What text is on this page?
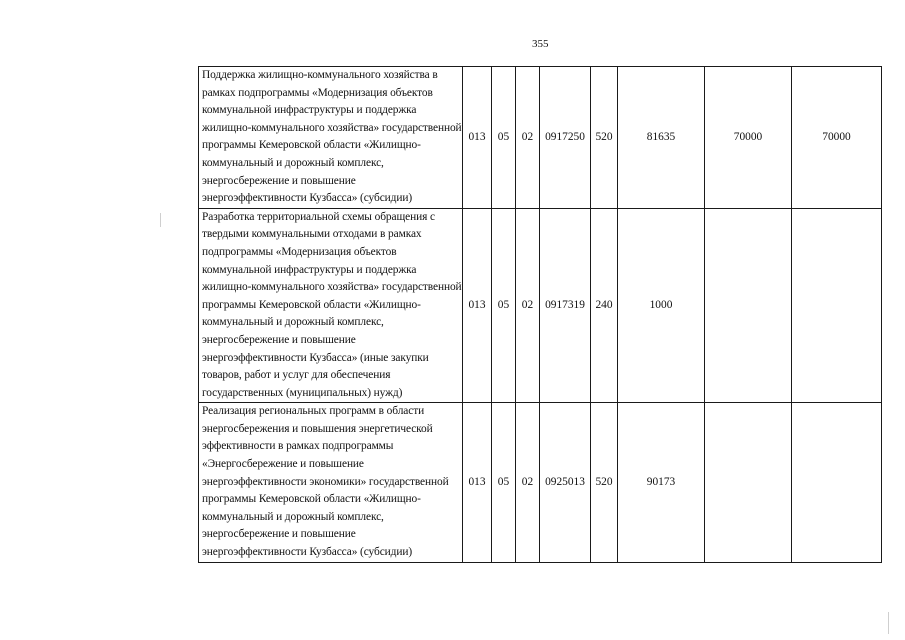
355
Поддержка жилищно-коммунального хозяйства в рамках подпрограммы «Модернизация объектов коммунальной инфраструктуры и поддержка жилищно-коммунального хозяйства» государственной программы Кемеровской области «Жилищно-коммунальный и дорожный комплекс, энергосбережение и повышение энергоэффективности Кузбасса» (субсидии)	013	05	02	0917250	520	81635	70000	70000
Разработка территориальной схемы обращения с твердыми коммунальными отходами в рамках подпрограммы «Модернизация объектов коммунальной инфраструктуры и поддержка жилищно-коммунального хозяйства» государственной программы Кемеровской области «Жилищно-коммунальный и дорожный комплекс, энергосбережение и повышение энергоэффективности Кузбасса» (иные закупки товаров, работ и услуг для обеспечения государственных (муниципальных) нужд)	013	05	02	0917319	240	1000		
Реализация региональных программ в области энергосбережения и повышения энергетической эффективности в рамках подпрограммы «Энергосбережение и повышение энергоэффективности экономики» государственной программы Кемеровской области «Жилищно-коммунальный и дорожный комплекс, энергосбережение и повышение энергоэффективности Кузбасса» (субсидии)	013	05	02	0925013	520	90173		
